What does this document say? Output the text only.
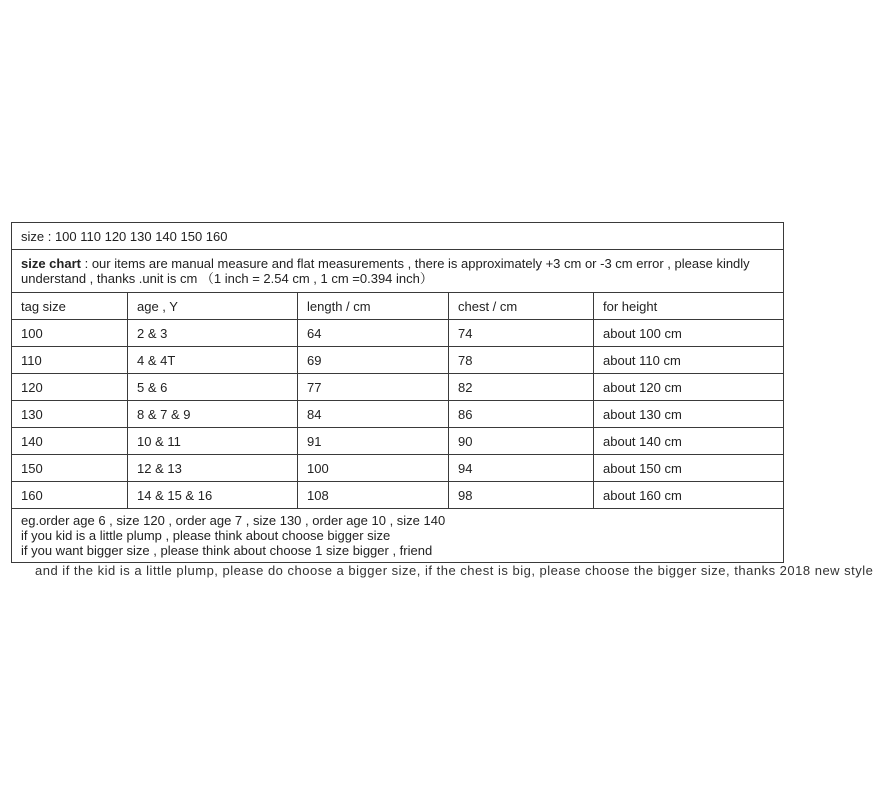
size : 100 110 120 130 140 150 160				
size chart : our items are manual measure and flat measurements , there is approximately +3 cm or -3 cm error , please kindly understand , thanks .unit is cm （1 inch = 2.54 cm , 1 cm =0.394 inch）				
tag size	age , Y	length / cm	chest / cm	for height
100	2 & 3	64	74	about 100 cm
110	4 & 4T	69	78	about 110 cm
120	5 & 6	77	82	about 120 cm
130	8 & 7 & 9	84	86	about 130 cm
140	10 & 11	91	90	about 140 cm
150	12 & 13	100	94	about 150 cm
160	14 & 15 & 16	108	98	about 160 cm

eg.order age 6 , size 120 , order age 7 , size 130 , order age 10 , size 140
if you kid is a little plump , please think about choose bigger size
if you want bigger size , please think about choose 1 size bigger , friend				
and if the kid is a little plump, please do choose a bigger size, if the chest is big, please choose the bigger size, thanks 2018 new style
